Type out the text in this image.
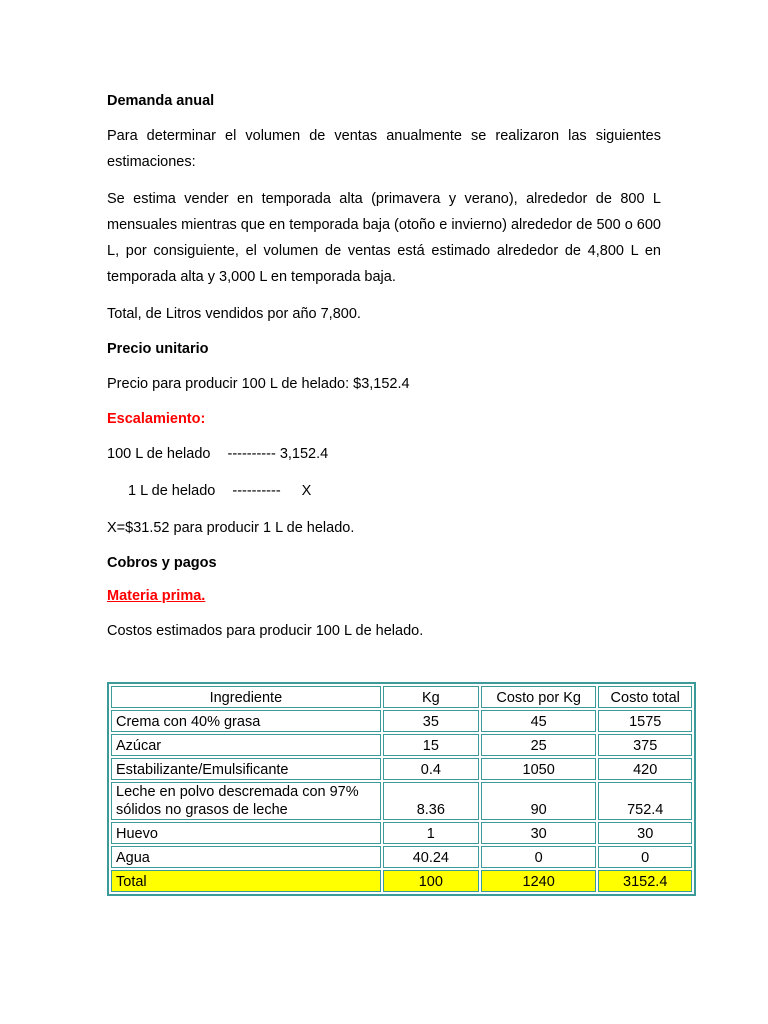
Demanda anual

Para determinar el volumen de ventas anualmente se realizaron las siguientes estimaciones:

Se estima vender en temporada alta (primavera y verano), alrededor de 800 L mensuales mientras que en temporada baja (otoño e invierno) alrededor de 500 o 600 L, por consiguiente, el volumen de ventas está estimado alrededor de 4,800 L en temporada alta y 3,000 L en temporada baja.

Total, de Litros vendidos por año 7,800.

Precio unitario

Precio para producir 100 L de helado: $3,152.4

Escalamiento:
100 L de helado ---------- 3,152.4
1 L de helado ---------- X

X=$31.52 para producir 1 L de helado.

Cobros y pagos
Materia prima.

Costos estimados para producir 100 L de helado.

Ingrediente	Kg	Costo por Kg	Costo total
Crema con 40% grasa	35	45	1575
Azúcar	15	25	375
Estabilizante/Emulsificante	0.4	1050	420
Leche en polvo descremada con 97% sólidos no grasos de leche	8.36	90	752.4
Huevo	1	30	30
Agua	40.24	0	0
Total	100	1240	3152.4
